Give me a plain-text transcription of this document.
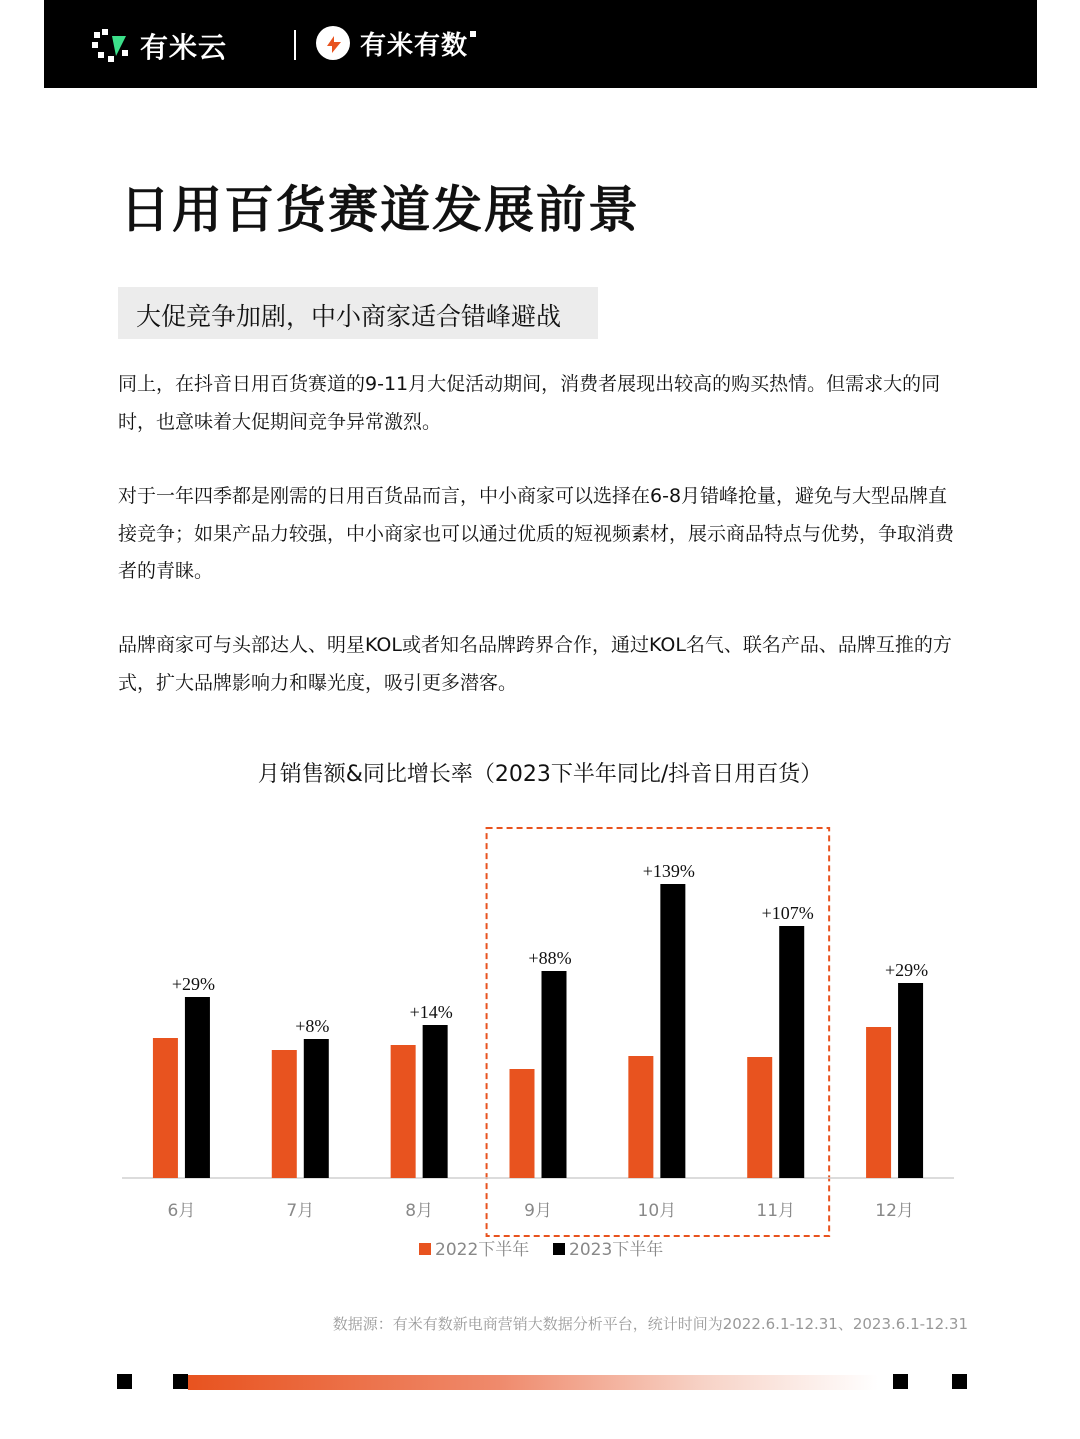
有米云	有米有数
日用百货赛道发展前景
大促竞争加剧，中小商家适合错峰避战

同上，在抖音日用百货赛道的9-11月大促活动期间，消费者展现出较高的购买热情。但需求大的同时，也意味着大促期间竞争异常激烈。

对于一年四季都是刚需的日用百货品而言，中小商家可以选择在6-8月错峰抢量，避免与大型品牌直接竞争；如果产品力较强，中小商家也可以通过优质的短视频素材，展示商品特点与优势，争取消费者的青睐。

品牌商家可与头部达人、明星KOL或者知名品牌跨界合作，通过KOL名气、联名产品、品牌互推的方式，扩大品牌影响力和曝光度，吸引更多潜客。

月销售额&同比增长率（2023下半年同比/抖音日用百货）
+29%
6月
+8%
7月
+14%
8月
+88%
9月
+139%
10月
+107%
11月
+29%
12月
2022下半年 2023下半年
数据源：有米有数新电商营销大数据分析平台，统计时间为2022.6.1-12.31、2023.6.1-12.31
